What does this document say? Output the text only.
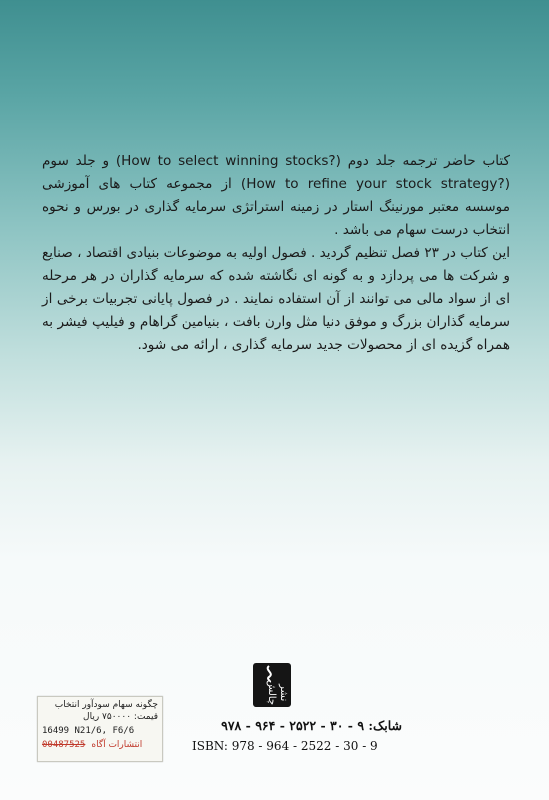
کتاب حاضر ترجمه جلد دوم (How to select winning stocks?) و جلد سوم (How to refine your stock strategy?) از مجموعه کتاب های آموزشی موسسه معتبر مورنینگ استار در زمینه استراتژی سرمایه گذاری در بورس و نحوه انتخاب درست سهام می باشد .

این کتاب در ۲۳ فصل تنظیم گردید . فصول اولیه به موضوعات بنیادی اقتصاد ، صنایع و شرکت ها می پردازد و به گونه ای نگاشته شده که سرمایه گذاران در هر مرحله ای از سواد مالی می توانند از آن استفاده نمایند . در فصول پایانی تجربیات برخی از سرمایه گذاران بزرگ و موفق دنیا مثل وارن بافت ، بنیامین گراهام و فیلیپ فیشر به همراه گزیده ای از محصولات جدید سرمایه گذاری ، ارائه می شود.

نشر چالش
شابک: ۹ - ۳۰ - ۲۵۲۲ - ۹۶۴ - ۹۷۸
ISBN: 978 - 964 - 2522 - 30 - 9
چگونه سهام سودآور انتخاب
قیمت: ۷۵۰۰۰۰ ریال
16499 N21/6, F6/6
00487525 انتشارات آگاه
